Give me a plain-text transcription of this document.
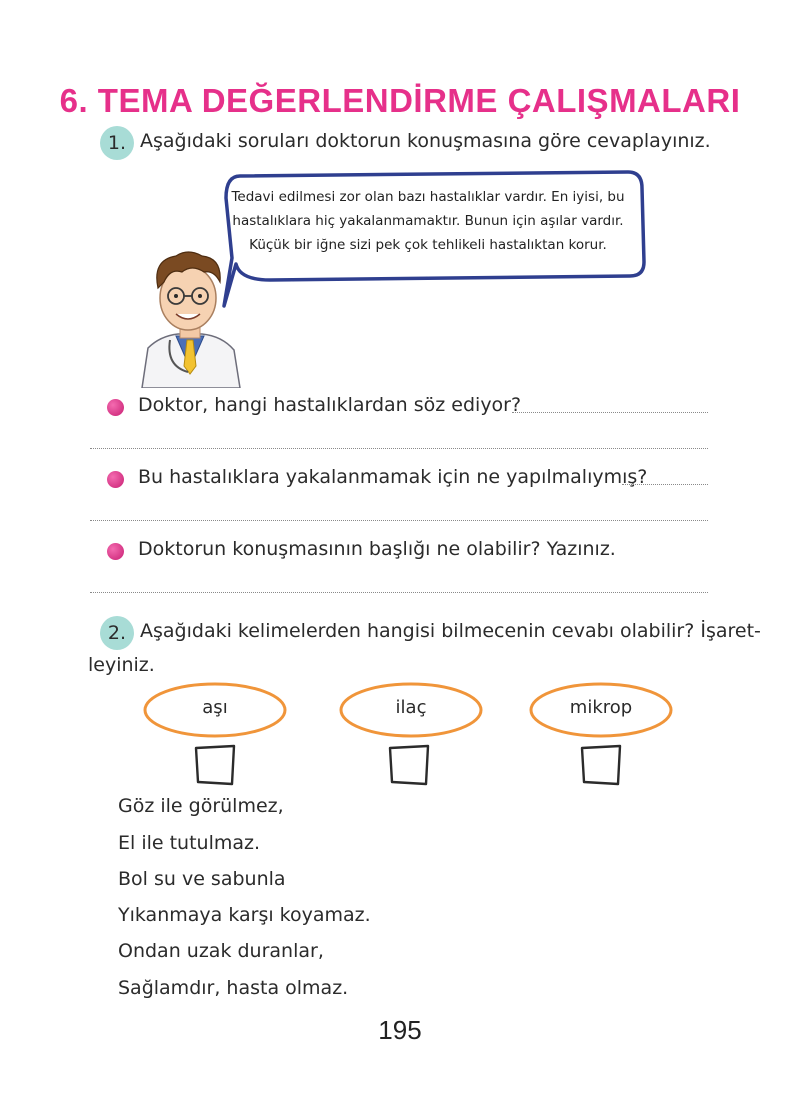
6. TEMA DEĞERLENDİRME ÇALIŞMALARI
1. Aşağıdaki soruları doktorun konuşmasına göre cevaplayınız.
Tedavi edilmesi zor olan bazı hastalıklar vardır. En iyisi, bu
hastalıklara hiç yakalanmamaktır. Bunun için aşılar vardır.
Küçük bir iğne sizi pek çok tehlikeli hastalıktan korur.
Doktor, hangi hastalıklardan söz ediyor?
Bu hastalıklara yakalanmamak için ne yapılmalıymış?
Doktorun konuşmasının başlığı ne olabilir? Yazınız.
2. Aşağıdaki kelimelerden hangisi bilmecenin cevabı olabilir? İşaret-
leyiniz.
aşı	ilaç	mikrop
Göz ile görülmez,
El ile tutulmaz.
Bol su ve sabunla
Yıkanmaya karşı koyamaz.
Ondan uzak duranlar,
Sağlamdır, hasta olmaz.
195
